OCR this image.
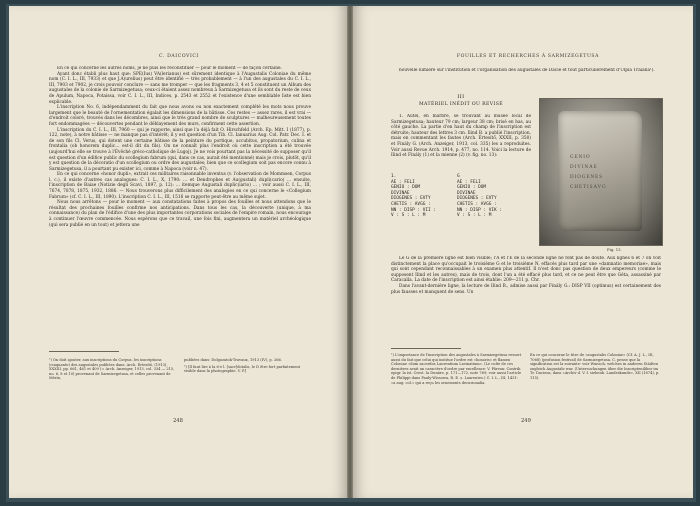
C. DAICOVICI

En ce qui concerne les autres noms, je ne puis les reconstituer — pour le moment — de façon certaine.

Ayant donc établi plus haut que: SPE(Ius) VA(lerianus) est sûrement identique à l'Augustalis Coloniae du même nom (C. I. L., III, 7933) et que J.A(urelius) peut être identifié — très probablement — à l'un des augustales du C. I. L., III, 7903 et 7902, je crois pouvoir conclure — sans me tromper — que les fragments 3, 4 et 5 constituent un Album des augustales de la colonie de Sarmizegetusa; ceux-ci étaient assez nombreux à Sarmizegetusa et ils sont du reste de ceux de Apulum, Napoca, Potaissa, voir C. I. L., III, Indices, p. 2543 et 2552 et l'existence d'une semblable liste est bien explicable.

L'inscription No. 6, indépendamment du fait que nous avons ou non exactement complété les mots nous prouve largement que le beauté de l'ornementation égalait les dimensions de la bâtisse. Ces restes — assez rares, il est vrai — d'endroit coloré, trouvés dans les décombres, ainsi que le très grand nombre de sculptures — malheureusement toutes fort endommagées — découvertes pendant le déblayement des murs, confirment cette assertion.

L'inscription du C. I. L., III, 7960 — qui je rapporte, ainsi que l'a déjà fait O. Hirschfeld (Arch. Ep. Mitt. I (1877), p. 122, note), à notre bâtisse — ne manque pas d'intérêt; il y est question d'un Tib. Cl. Ianuarius Aug. Col. Patr. Dec. I. et de son fils Cl. Verus, qui dotent une certaine bâtisse de la peinture du portique, accubitus, propatorium, culina et frontalia (ob honorem duplic… est-il dit du fils). On ne connaît plus l'endroit où cette inscription a été trouvée (aujourd'hui elle se trouve à l'Évêché gréco-catholique de Lugoj). Je ne vois pourtant pas la nécessité de supposer qu'il est question d'un édifice public du scollegium fabrum (qui, dans ce cas, aurait été mentionné) mais je crois, plutôt, qu'il y est question de la décoratio d'un scollegium ou ordre des augustales; bien que ce scollegium soit pas encore connu à Sarmizegetusa, il a pourtant pu exister ici, comme à Napoca (voir n. 47).

En ce qui concerne «honor dupli», extrait ces militaires raisonnable inventus (v. l'observation de Mommsen, Corpus l. c.), il existe d'autres cas analogues: C. I. L., X, 1790: … et Dendrophes et Au(gustali) dupli(cario) … ensuite, l'inscription de Baiae (Notizie degli Scavi, 1897, p. 12): … itemque Augustali duplic(iario) … ; voir aussi C. I. L., III, 7674, 7878, 1875, 1932, 1886. — Nous trouverons plus difficilement des analogies en ce qui concerne le «Collegium Fabrum» (cf. C. I. L., III, 1890). L'inscription C. I. L., III, 1516 se rapporte peut-être au même sujet.

Nous nous arrêtons — pour le moment — aux constatations faites à propos des fouilles et nous attendons que le résultat des prochaines fouilles confirme nos anticipations. Dans tous les cas, la découverte (unique, à ma connaissance) du plan de l'édifice d'une des plus importantes corporations sociales de l'empire romain, nous encourage à continuer l'œuvre commencée. Nous espérons que ce travail, une fois fini, augmentera un matériel archéologique (qui sera publié en un tout) et jettera une

¹) On doit ajouter, aux inscriptions du Corpus, les inscriptions (cinquante) des augustales publiées dans: Arch. Értesítő, (1913), XXXIII, pp. 661, 461 et 409 (= Arch. Anzeiger, 1913, col. 334 — 215, no. 6, 8 et 10) provenant de Sarmizegetusa, et celles provenant de Mérin,
publiées dans: Dolgozatok-Travaux, 1913 (IV), p. 266.
²) [Il faut lire à la 6-e l. [sacr]dotalis, le D être fort parfaitement visible dans la photographie. V. P.]
248
FOUILLES ET RECHERCHES À SARMIZEGETUSA

nouvelle lumière sur l'institution et l'organisation des augustales de Dacie et tout particulièrement d'Ulpia Traiana¹).

III
MATÉRIEL INÉDIT OU REVISÉ

1. Autel, en marbre, se trouvant au musée local de Sarmizegetusa; hauteur 79 cm; largeur 38 cm; brisé en bas, au côté gauche. La partie d'en haut du champ de l'inscription est détruite; hauteur des lettres 3 cm. Ilind B. a publié l'inscription, mais en commentant les fautes (Arch. Értesítő, XXXII, p. 350) et Finály G. (Arch. Anzeiger, 1913, col. 335) les a reproduites. Voir aussi Revue Arch. 1914, p. 477, no. 114. Voici la lecture de Ilind et Finály (1) et la mienne (2) (v. fig. no. 13):

1.	G
AE : FELI	AE : FELI
GENIO : DOM	GENIO : DOM
DIVINAE	DIVINAE
DIOGENES : EVTY	DIOGENES : EVTY
CHETIS : AVGG :	CHETIS : AVGG :
NN : DISP : VII :	NN : DISP : VIK :
V : S : L : M	V : S : L : M
GENIO
DIVINAE
DIOGENES
CHETISAVG
Fig. 13.

Le G de la première ligne est bien visible; l'A et l'E de la seconde ligne ne font pas de doute. Aux lignes 6 et 7 on voit distinctement la place qu'occupait le troisième G et le troisième N, effacés plus tard par une «damnatio memoriae», mais qui sont cependant reconnaissables à un examen plus attentif. Il n'est donc pas question de deux empereurs (comme le supposent Ilind et les autres), mais de trois, dont l'un a été effacé plus tard, et ce ne peut être que Géta, assassiné par Caracalla. La date de l'inscription est ainsi établie: 209—211 p. Chr.

Dans l'avant-dernière ligne, la lecture de Ilind B., admise aussi par Finály G.: DISP VII (optimus) est certainement des plus fausses et manquent de sens. Un

¹) L'importance de l'inscription des augustales à Sarmizegetusa ressort aussi du fait que celui qui institue l'ordre est «honoris» et flamen Coloniae «dum sacerdos Laurentium Lavinatium». (Le culte de ces dernières avait un caractère d'ordre par excellence: V. Pârvan: Contrib. epigr. la ist. Crest. la Dunăre, p. 171—172, note 769; voir aussi l'article de Philippi dans Pauly-Wissowa, R. E. s. Laurentes.) C. I. L., III, 1431: «a aug. col.» qui a reçu les ornements decurionalia.
En ce qui concerne le titre de «augustalis Coloniae» (Cf. A. J. L., III, 7068) (profusion festival) de Sarmizegetusa, C. pense que la signification est la suivante: voir Wunsch, welches in anderen Städten zugleich Augustale war. (Untersuchungen über die Inscripteniliber im Tr. Daciens, dans «Archiv d. V. f. siebenb. Landeskunde», XII (1874), p. 115).
249
